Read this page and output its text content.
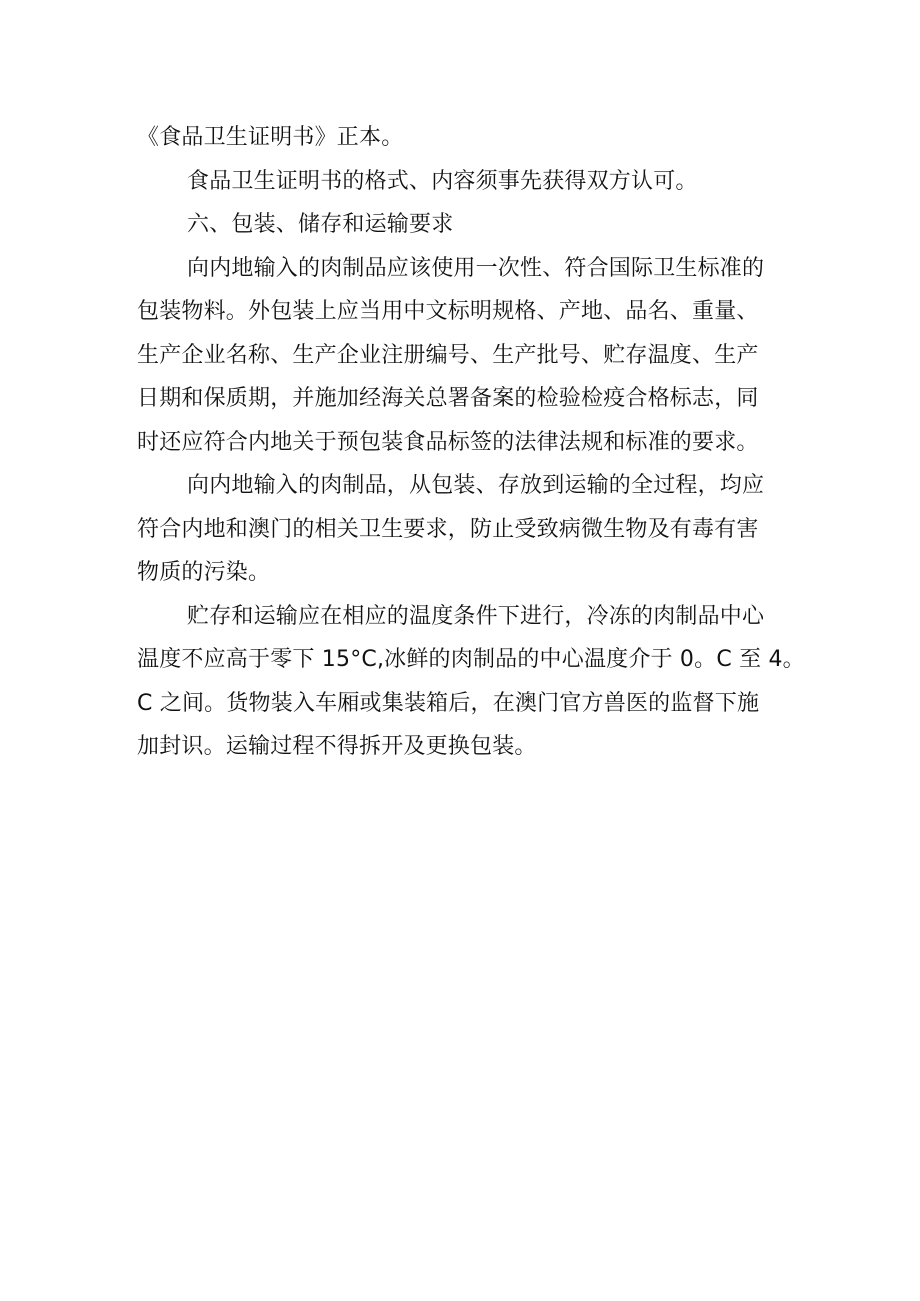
《食品卫生证明书》正本。
食品卫生证明书的格式、内容须事先获得双方认可。
六、包装、储存和运输要求
向内地输入的肉制品应该使用一次性、符合国际卫生标准的
包装物料。外包装上应当用中文标明规格、产地、品名、重量、
生产企业名称、生产企业注册编号、生产批号、贮存温度、生产
日期和保质期，并施加经海关总署备案的检验检疫合格标志，同
时还应符合内地关于预包装食品标签的法律法规和标准的要求。
向内地输入的肉制品，从包装、存放到运输的全过程，均应
符合内地和澳门的相关卫生要求，防止受致病微生物及有毒有害
物质的污染。
贮存和运输应在相应的温度条件下进行，冷冻的肉制品中心
温度不应高于零下 15°C,冰鲜的肉制品的中心温度介于 0。C 至 4。
C 之间。货物装入车厢或集装箱后，在澳门官方兽医的监督下施
加封识。运输过程不得拆开及更换包装。
